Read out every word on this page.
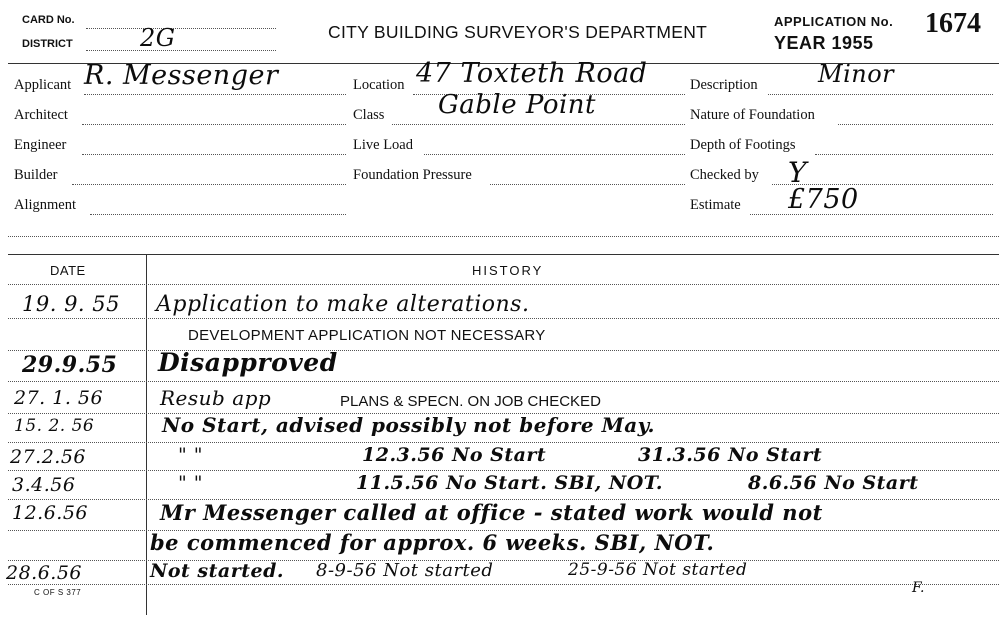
CARD No.
DISTRICT	2G	CITY BUILDING SURVEYOR'S DEPARTMENT
APPLICATION No. 1674
YEAR 1955
Applicant R. Messenger
Architect
Engineer
Builder
Alignment
Location 47 Toxteth Road
Class Gable Point
Live Load
Foundation Pressure
Description	Minor
Nature of Foundation
Depth of Footings
Checked by Y
Estimate £750
DATE	HISTORY
19. 9. 55 Application to make alterations.
DEVELOPMENT APPLICATION NOT NECESSARY
29.9.55 Disapproved
27. 1. 56	Resub app	PLANS & SPECN. ON JOB CHECKED
15. 2. 56	No Start, advised possibly not before May.
27.2.56	" "	12.3.56 No Start	31.3.56 No Start
3.4.56	" "	11.5.56 No Start. SBI, NOT.	8.6.56 No Start
12.6.56	Mr Messenger called at office - stated work would not
be commenced for approx. 6 weeks. SBI, NOT.
28.6.56	Not started. 8-9-56 Not started	25-9-56 Not started
C OF S 377	F.
